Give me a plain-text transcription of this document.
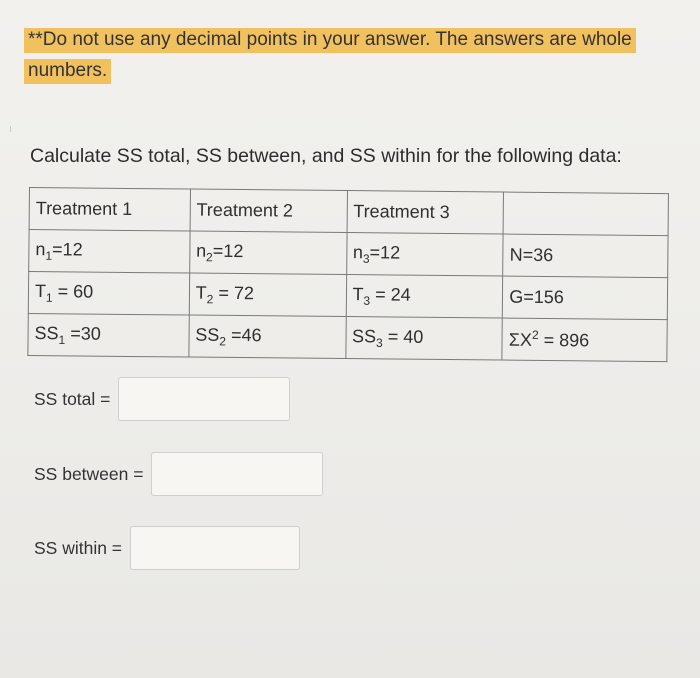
**Do not use any decimal points in your answer. The answers are whole numbers.
Calculate SS total, SS between, and SS within for the following data:
Treatment 1	Treatment 2	Treatment 3	
$n_1=12$	$n_2=12$	$n_3=12$	N=36
$T_1 = 60$	$T_2 = 72$	$T_3 = 24$	G=156
$SS_1 =30$	$SS_2 =46$	$SS_3 = 40$	$\Sigma X^2 = 896$
SS total =
SS between =
SS within =
